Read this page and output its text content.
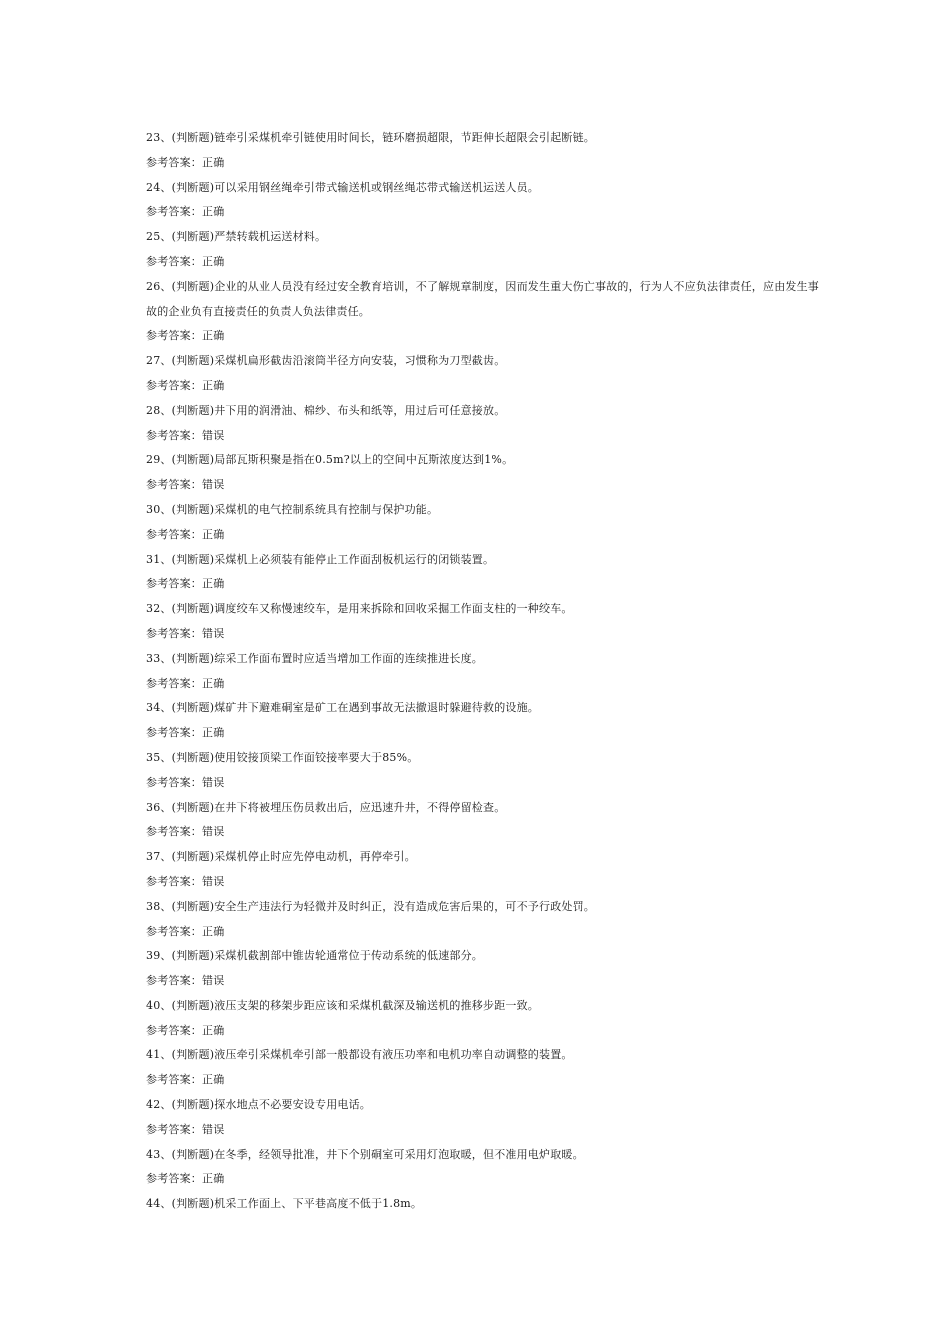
23、(判断题)链牵引采煤机牵引链使用时间长，链环磨损超限，节距伸长超限会引起断链。
参考答案：正确
24、(判断题)可以采用钢丝绳牵引带式输送机或钢丝绳芯带式输送机运送人员。
参考答案：正确
25、(判断题)严禁转载机运送材料。
参考答案：正确
26、(判断题)企业的从业人员没有经过安全教育培训，不了解规章制度，因而发生重大伤亡事故的，行为人不应负法律责任，应由发生事故的企业负有直接责任的负责人负法律责任。
参考答案：正确
27、(判断题)采煤机扁形截齿沿滚筒半径方向安装，习惯称为刀型截齿。
参考答案：正确
28、(判断题)井下用的润滑油、棉纱、布头和纸等，用过后可任意接放。
参考答案：错误
29、(判断题)局部瓦斯积聚是指在0.5m?以上的空间中瓦斯浓度达到1%。
参考答案：错误
30、(判断题)采煤机的电气控制系统具有控制与保护功能。
参考答案：正确
31、(判断题)采煤机上必须装有能停止工作面刮板机运行的闭锁装置。
参考答案：正确
32、(判断题)调度绞车又称慢速绞车，是用来拆除和回收采掘工作面支柱的一种绞车。
参考答案：错误
33、(判断题)综采工作面布置时应适当增加工作面的连续推进长度。
参考答案：正确
34、(判断题)煤矿井下避难硐室是矿工在遇到事故无法撤退时躲避待救的设施。
参考答案：正确
35、(判断题)使用铰接顶梁工作面铰接率要大于85%。
参考答案：错误
36、(判断题)在井下将被埋压伤员救出后，应迅速升井，不得停留检查。
参考答案：错误
37、(判断题)采煤机停止时应先停电动机，再停牵引。
参考答案：错误
38、(判断题)安全生产违法行为轻微并及时纠正，没有造成危害后果的，可不予行政处罚。
参考答案：正确
39、(判断题)采煤机截割部中锥齿轮通常位于传动系统的低速部分。
参考答案：错误
40、(判断题)液压支架的移架步距应该和采煤机截深及输送机的推移步距一致。
参考答案：正确
41、(判断题)液压牵引采煤机牵引部一般都设有液压功率和电机功率自动调整的装置。
参考答案：正确
42、(判断题)探水地点不必要安设专用电话。
参考答案：错误
43、(判断题)在冬季，经领导批准，井下个别硐室可采用灯泡取暖，但不准用电炉取暖。
参考答案：正确
44、(判断题)机采工作面上、下平巷高度不低于1.8m。
